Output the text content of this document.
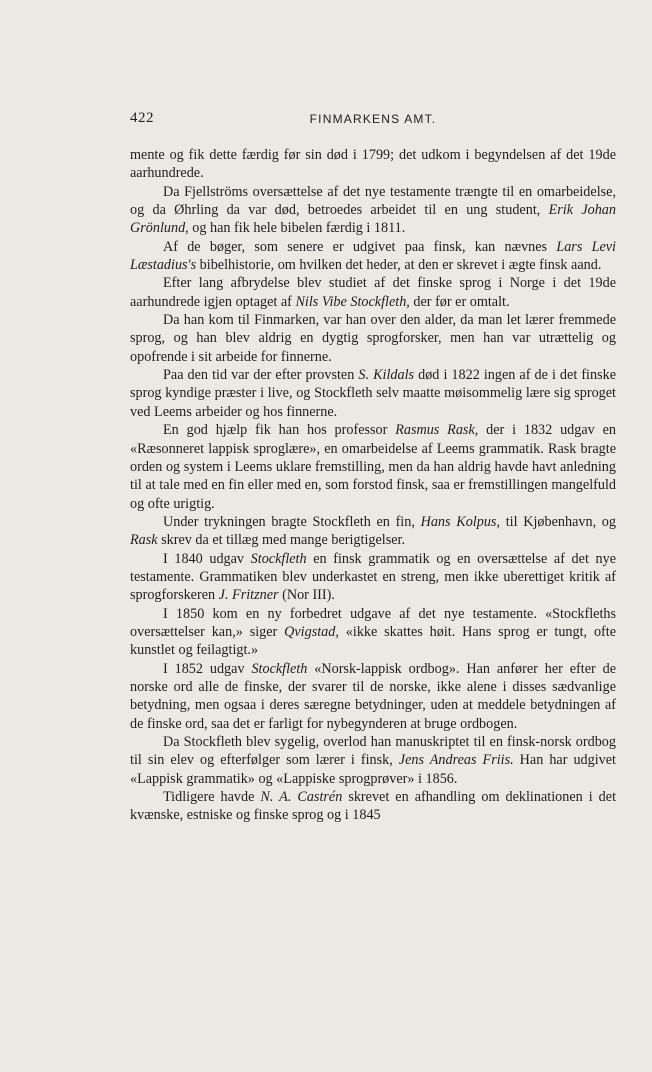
422	FINMARKENS AMT.

mente og fik dette færdig før sin død i 1799; det udkom i begyndelsen af det 19de aarhundrede.

Da Fjellströms oversættelse af det nye testamente trængte til en omarbeidelse, og da Øhrling da var død, betroedes arbeidet til en ung student, Erik Johan Grönlund, og han fik hele bibelen færdig i 1811.

Af de bøger, som senere er udgivet paa finsk, kan nævnes Lars Levi Læstadius's bibelhistorie, om hvilken det heder, at den er skrevet i ægte finsk aand.

Efter lang afbrydelse blev studiet af det finske sprog i Norge i det 19de aarhundrede igjen optaget af Nils Vibe Stockfleth, der før er omtalt.

Da han kom til Finmarken, var han over den alder, da man let lærer fremmede sprog, og han blev aldrig en dygtig sprogforsker, men han var utrættelig og opofrende i sit arbeide for finnerne.

Paa den tid var der efter provsten S. Kildals død i 1822 ingen af de i det finske sprog kyndige præster i live, og Stockfleth selv maatte møisommelig lære sig sproget ved Leems arbeider og hos finnerne.

En god hjælp fik han hos professor Rasmus Rask, der i 1832 udgav en «Ræsonneret lappisk sproglære», en omarbeidelse af Leems grammatik. Rask bragte orden og system i Leems uklare fremstilling, men da han aldrig havde havt anledning til at tale med en fin eller med en, som forstod finsk, saa er fremstillingen mangelfuld og ofte urigtig.

Under trykningen bragte Stockfleth en fin, Hans Kolpus, til Kjøbenhavn, og Rask skrev da et tillæg med mange berigtigelser.

I 1840 udgav Stockfleth en finsk grammatik og en oversættelse af det nye testamente. Grammatiken blev underkastet en streng, men ikke uberettiget kritik af sprogforskeren J. Fritzner (Nor III).

I 1850 kom en ny forbedret udgave af det nye testamente. «Stockfleths oversættelser kan,» siger Qvigstad, «ikke skattes høit. Hans sprog er tungt, ofte kunstlet og feilagtigt.»

I 1852 udgav Stockfleth «Norsk-lappisk ordbog». Han anfører her efter de norske ord alle de finske, der svarer til de norske, ikke alene i disses sædvanlige betydning, men ogsaa i deres særegne betydninger, uden at meddele betydningen af de finske ord, saa det er farligt for nybegynderen at bruge ordbogen.

Da Stockfleth blev sygelig, overlod han manuskriptet til en finsk-norsk ordbog til sin elev og efterfølger som lærer i finsk, Jens Andreas Friis. Han har udgivet «Lappisk grammatik» og «Lappiske sprogprøver» i 1856.

Tidligere havde N. A. Castrén skrevet en afhandling om deklinationen i det kvænske, estniske og finske sprog og i 1845
